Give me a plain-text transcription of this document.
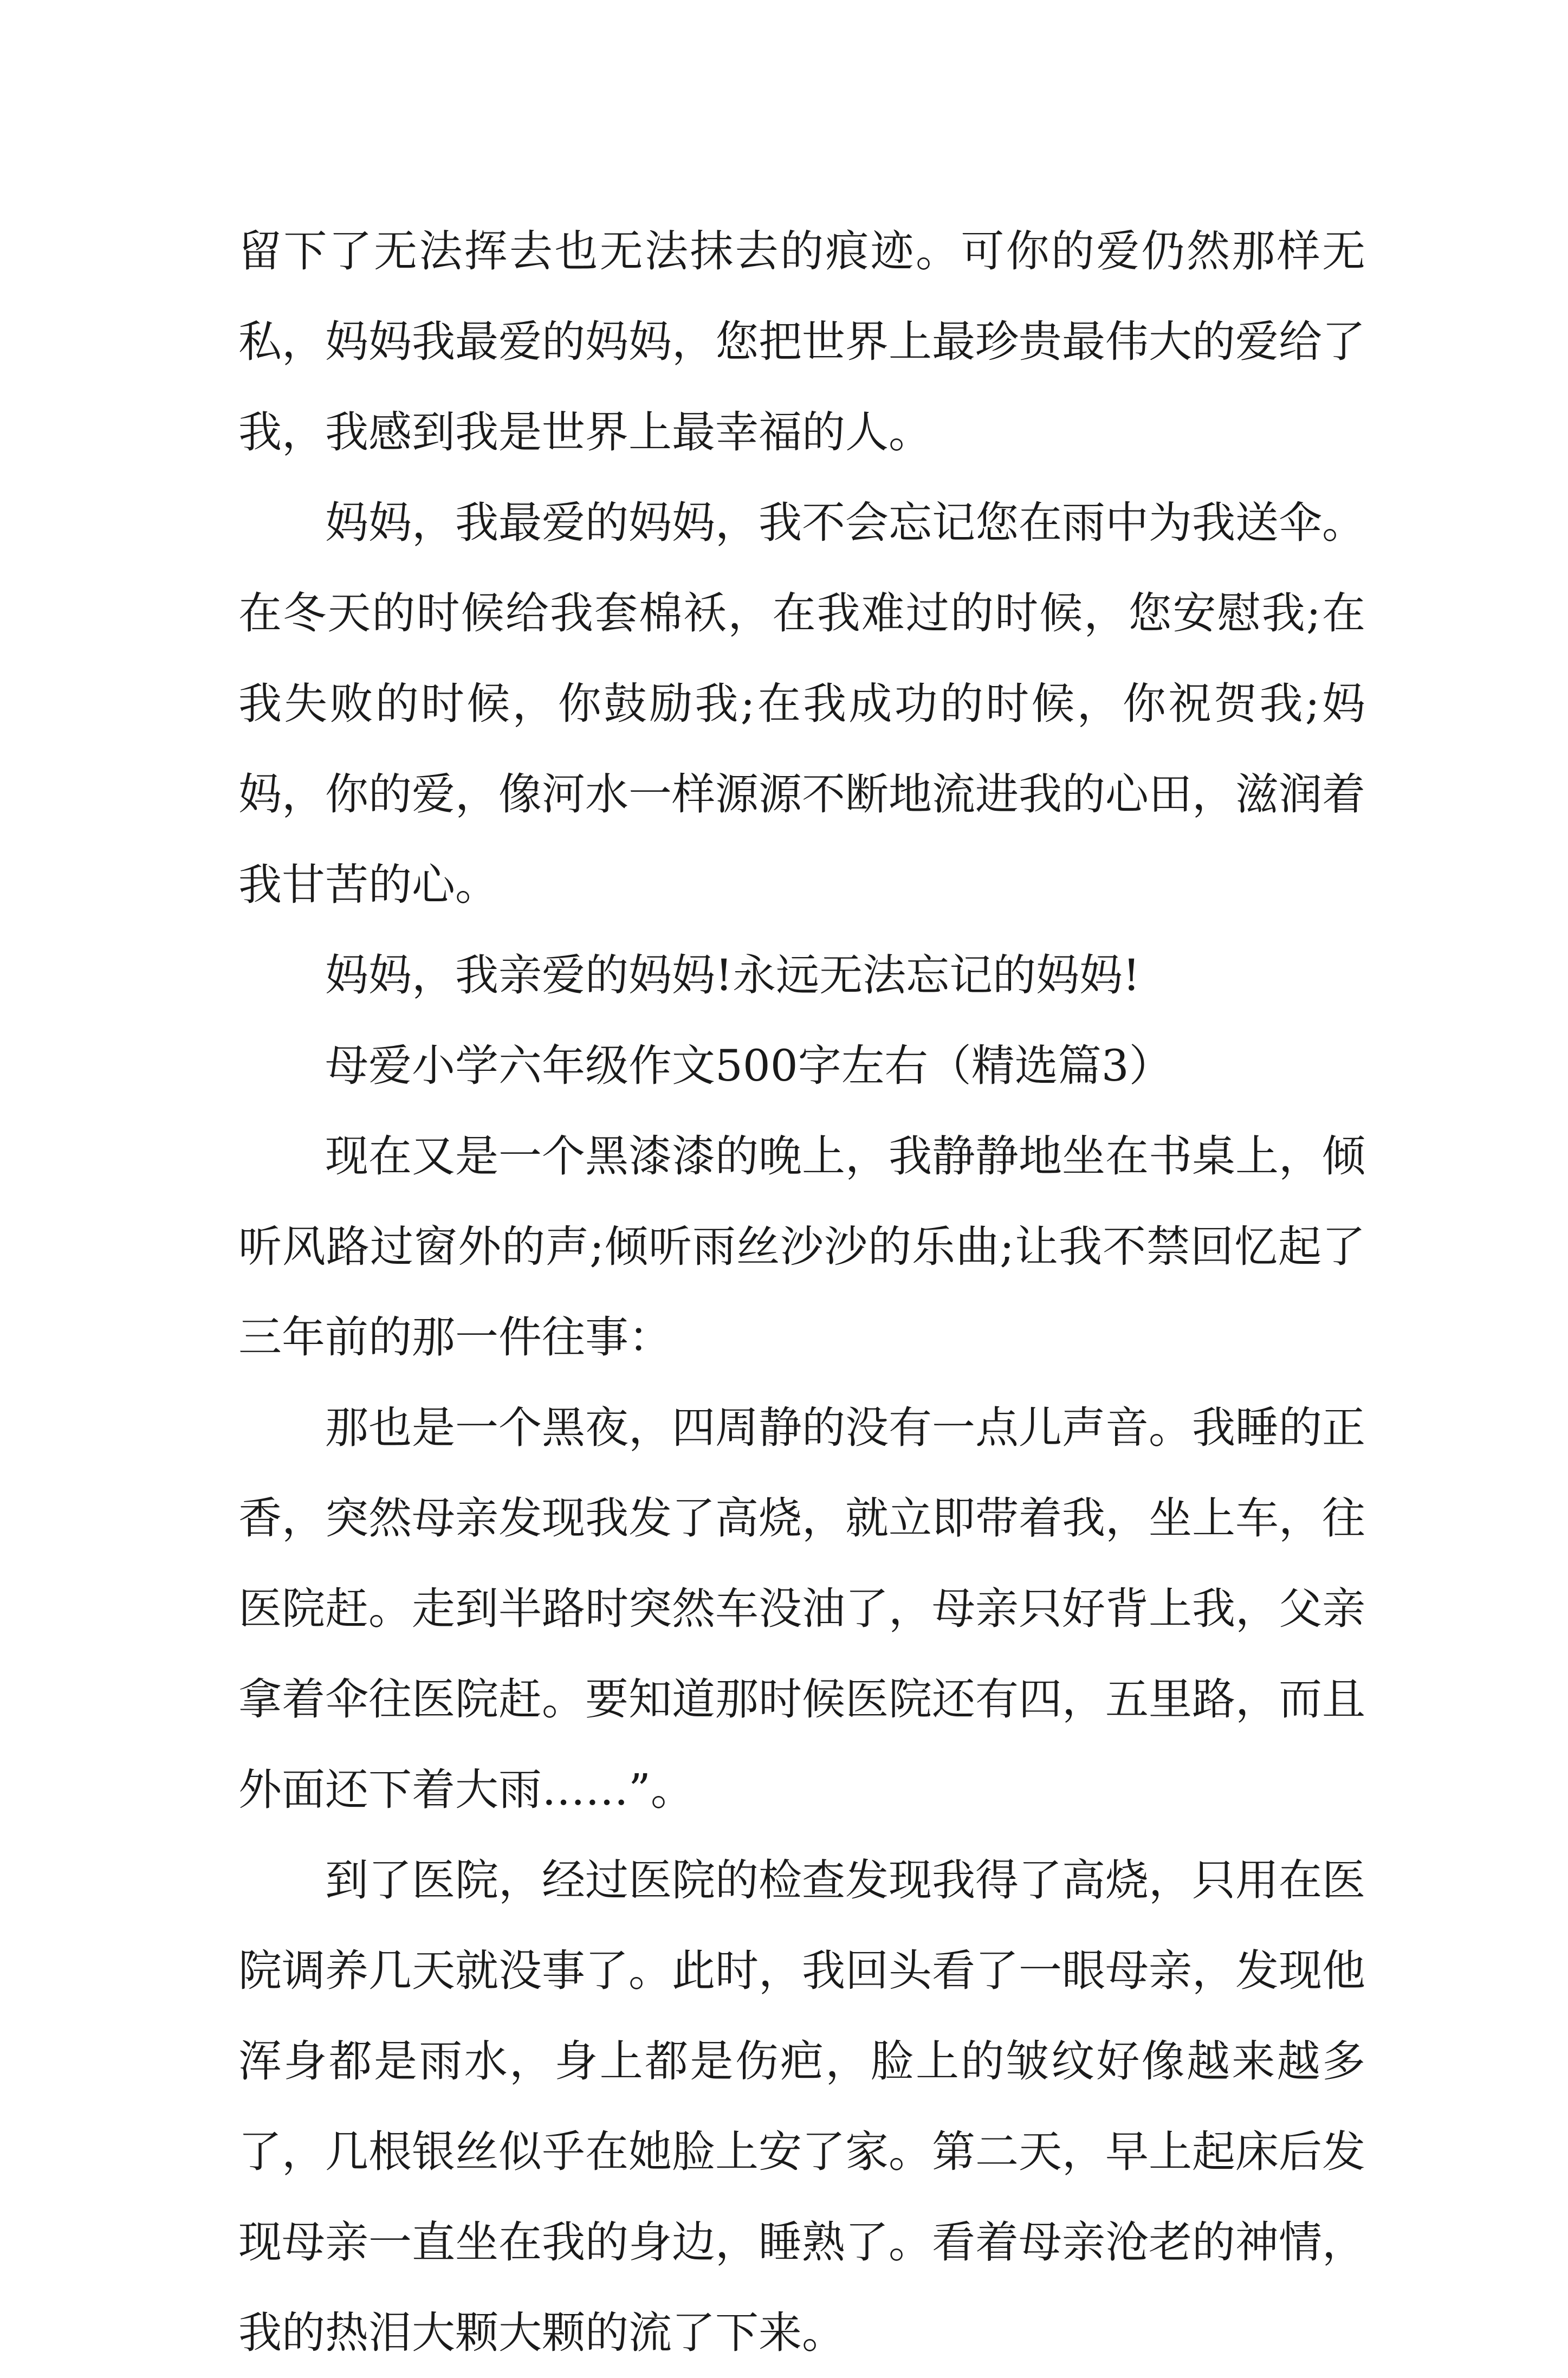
留下了无法挥去也无法抹去的痕迹。可你的爱仍然那样无私，妈妈我最爱的妈妈，您把世界上最珍贵最伟大的爱给了我，我感到我是世界上最幸福的人。

妈妈，我最爱的妈妈，我不会忘记您在雨中为我送伞。在冬天的时候给我套棉袄，在我难过的时候，您安慰我;在我失败的时候，你鼓励我;在我成功的时候，你祝贺我;妈妈，你的爱，像河水一样源源不断地流进我的心田，滋润着我甘苦的心。

妈妈，我亲爱的妈妈!永远无法忘记的妈妈!

母爱小学六年级作文500字左右（精选篇3）

现在又是一个黑漆漆的晚上，我静静地坐在书桌上，倾听风路过窗外的声;倾听雨丝沙沙的乐曲;让我不禁回忆起了三年前的那一件往事：

那也是一个黑夜，四周静的没有一点儿声音。我睡的正香，突然母亲发现我发了高烧，就立即带着我，坐上车，往医院赶。走到半路时突然车没油了，母亲只好背上我，父亲拿着伞往医院赶。要知道那时候医院还有四，五里路，而且外面还下着大雨……”。

到了医院，经过医院的检查发现我得了高烧，只用在医院调养几天就没事了。此时，我回头看了一眼母亲，发现他浑身都是雨水，身上都是伤疤，脸上的皱纹好像越来越多了，几根银丝似乎在她脸上安了家。第二天，早上起床后发现母亲一直坐在我的身边，睡熟了。看着母亲沧老的神情，我的热泪大颗大颗的流了下来。
